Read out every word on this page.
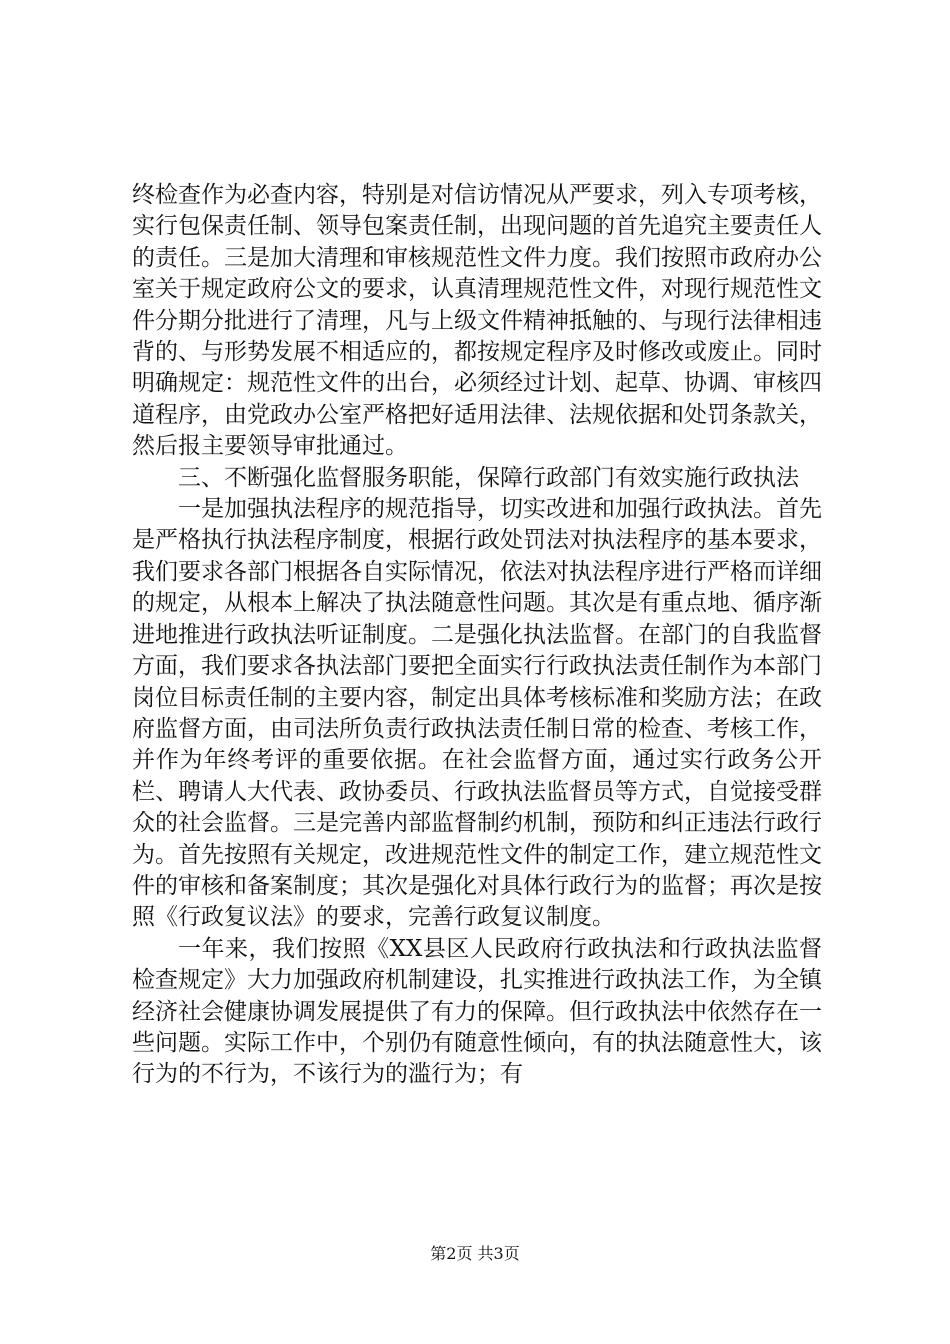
终检查作为必查内容，特别是对信访情况从严要求，列入专项考核，实行包保责任制、领导包案责任制，出现问题的首先追究主要责任人的责任。三是加大清理和审核规范性文件力度。我们按照市政府办公室关于规定政府公文的要求，认真清理规范性文件，对现行规范性文件分期分批进行了清理，凡与上级文件精神抵触的、与现行法律相违背的、与形势发展不相适应的，都按规定程序及时修改或废止。同时明确规定：规范性文件的出台，必须经过计划、起草、协调、审核四道程序，由党政办公室严格把好适用法律、法规依据和处罚条款关，然后报主要领导审批通过。

三、不断强化监督服务职能，保障行政部门有效实施行政执法

一是加强执法程序的规范指导，切实改进和加强行政执法。首先是严格执行执法程序制度，根据行政处罚法对执法程序的基本要求，我们要求各部门根据各自实际情况，依法对执法程序进行严格而详细的规定，从根本上解决了执法随意性问题。其次是有重点地、循序渐进地推进行政执法听证制度。二是强化执法监督。在部门的自我监督方面，我们要求各执法部门要把全面实行行政执法责任制作为本部门岗位目标责任制的主要内容，制定出具体考核标准和奖励方法；在政府监督方面，由司法所负责行政执法责任制日常的检查、考核工作，并作为年终考评的重要依据。在社会监督方面，通过实行政务公开栏、聘请人大代表、政协委员、行政执法监督员等方式，自觉接受群众的社会监督。三是完善内部监督制约机制，预防和纠正违法行政行为。首先按照有关规定，改进规范性文件的制定工作，建立规范性文件的审核和备案制度；其次是强化对具体行政行为的监督；再次是按照《行政复议法》的要求，完善行政复议制度。

一年来，我们按照《XX县区人民政府行政执法和行政执法监督检查规定》大力加强政府机制建设，扎实推进行政执法工作，为全镇经济社会健康协调发展提供了有力的保障。但行政执法中依然存在一些问题。实际工作中，个别仍有随意性倾向，有的执法随意性大，该行为的不行为，不该行为的滥行为；有

第2页 共3页
